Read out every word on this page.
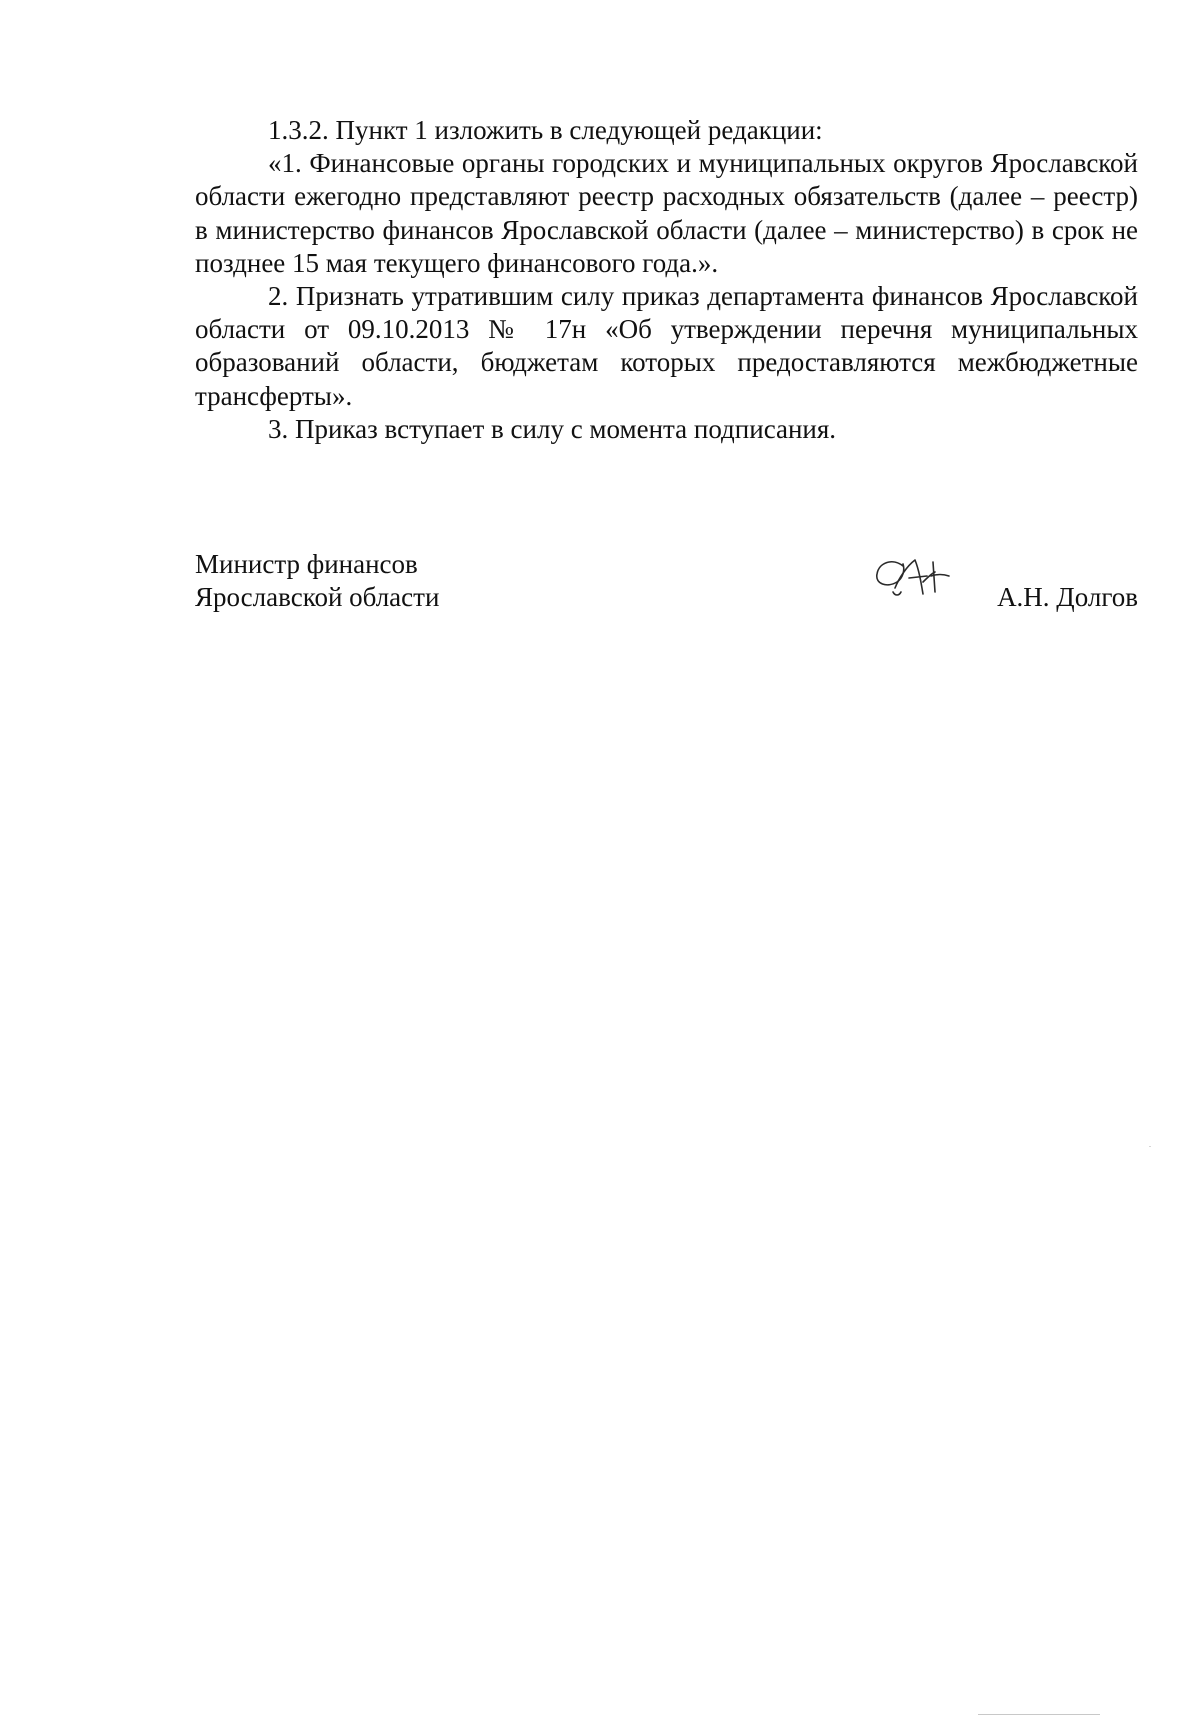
1.3.2. Пункт 1 изложить в следующей редакции:

«1. Финансовые органы городских и муниципальных округов Ярославской области ежегодно представляют реестр расходных обязательств (далее – реестр) в министерство финансов Ярославской области (далее – министерство) в срок не позднее 15 мая текущего финансового года.».

2. Признать утратившим силу приказ департамента финансов Ярославской области от 09.10.2013 № 17н «Об утверждении перечня муниципальных образований области, бюджетам которых предоставляются межбюджетные трансферты».

3. Приказ вступает в силу с момента подписания.

Министр финансов
Ярославской области	А.Н. Долгов
